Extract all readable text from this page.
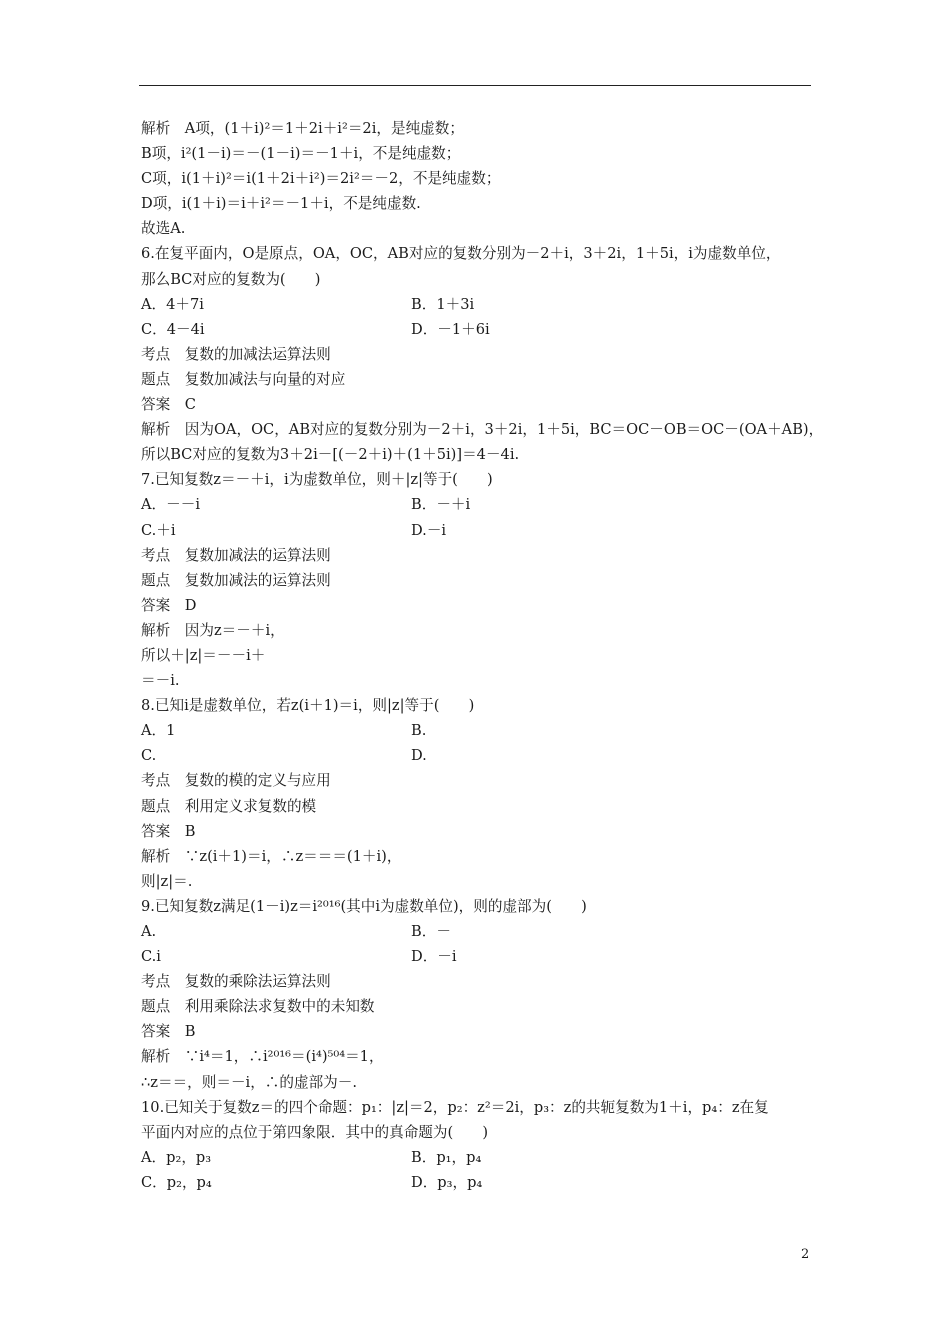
解析　A项，(1＋i)²＝1＋2i＋i²＝2i，是纯虚数；
B项，i²(1－i)＝－(1－i)＝－1＋i，不是纯虚数；
C项，i(1＋i)²＝i(1＋2i＋i²)＝2i²＝－2，不是纯虚数；
D项，i(1＋i)＝i＋i²＝－1＋i，不是纯虚数.
故选A.
6.在复平面内，O是原点，OA，OC，AB对应的复数分别为－2＋i，3＋2i，1＋5i，i为虚数单位，
那么BC对应的复数为(　　)
A．4＋7i	B．1＋3i
C．4－4i	D．－1＋6i
考点　复数的加减法运算法则
题点　复数加减法与向量的对应
答案　C
解析　因为OA，OC，AB对应的复数分别为－2＋i，3＋2i，1＋5i，BC＝OC－OB＝OC－(OA＋AB)，
所以BC对应的复数为3＋2i－[(－2＋i)＋(1＋5i)]＝4－4i.
7.已知复数z＝－＋i，i为虚数单位，则＋|z|等于(　　)
A．－－i	B．－＋i
C.＋i	D.－i
考点　复数加减法的运算法则
题点　复数加减法的运算法则
答案　D
解析　因为z＝－＋i，
所以＋|z|＝－－i＋
＝－i.
8.已知i是虚数单位，若z(i＋1)＝i，则|z|等于(　　)
A．1	B.
C.	D.
考点　复数的模的定义与应用
题点　利用定义求复数的模
答案　B
解析　∵z(i＋1)＝i，∴z＝＝＝(1＋i)，
则|z|＝.
9.已知复数z满足(1－i)z＝i²⁰¹⁶(其中i为虚数单位)，则的虚部为(　　)
A.	B．－
C.i	D．－i
考点　复数的乘除法运算法则
题点　利用乘除法求复数中的未知数
答案　B
解析　∵i⁴＝1，∴i²⁰¹⁶＝(i⁴)⁵⁰⁴＝1，
∴z＝＝，则＝－i，∴的虚部为－.
10.已知关于复数z＝的四个命题：p₁：|z|＝2，p₂：z²＝2i，p₃：z的共轭复数为1＋i，p₄：z在复
平面内对应的点位于第四象限．其中的真命题为(　　)
A．p₂，p₃	B．p₁，p₄
C．p₂，p₄	D．p₃，p₄
2
